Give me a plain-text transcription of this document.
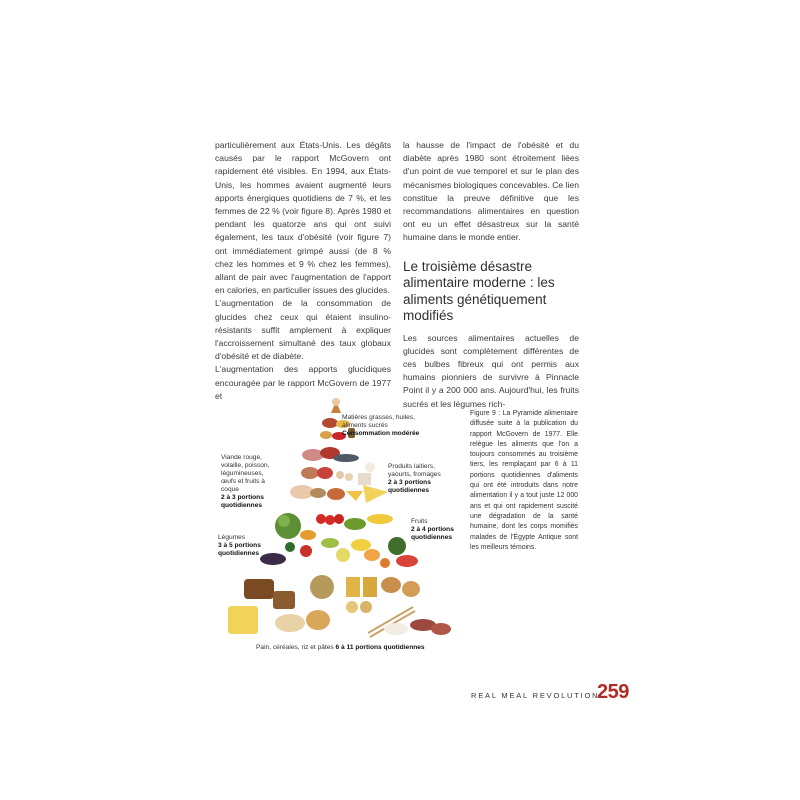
particulièrement aux États-Unis. Les dégâts causés par le rapport McGovern ont rapidement été visibles. En 1994, aux États-Unis, les hommes avaient augmenté leurs apports énergiques quotidiens de 7 %, et les femmes de 22 % (voir figure 8). Après 1980 et pendant les quatorze ans qui ont suivi également, les taux d'obésité (voir figure 7) ont immédiatement grimpé aussi (de 8 % chez les hommes et 9 % chez les femmes), allant de pair avec l'augmentation de l'apport en calories, en particulier issues des glucides.

L'augmentation de la consommation de glucides chez ceux qui étaient insulino-résistants suffit amplement à expliquer l'accroissement simultané des taux globaux d'obésité et de diabète.

L'augmentation des apports glucidiques encouragée par le rapport McGovern de 1977 et

la hausse de l'impact de l'obésité et du diabète après 1980 sont étroitement liées d'un point de vue temporel et sur le plan des mécanismes biologiques concevables. Ce lien constitue la preuve définitive que les recommandations alimentaires en question ont eu un effet désastreux sur la santé humaine dans le monde entier.

Le troisième désastre alimentaire moderne : les aliments génétiquement modifiés

Les sources alimentaires actuelles de glucides sont complètement différentes de ces bulbes fibreux qui ont permis aux humains pionniers de survivre à Pinnacle Point il y a 200 000 ans. Aujourd'hui, les fruits sucrés et les légumes rich-

Matières grasses, huiles, aliments sucrés
Consommation modérée
Viande rouge, volaille, poisson, légumineuses, œufs et fruits à coque
2 à 3 portions quotidiennes
Produits laitiers, yaourts, fromages
2 à 3 portions quotidiennes
Fruits
2 à 4 portions quotidiennes
Légumes
3 à 5 portions quotidiennes
Pain, céréales, riz et pâtes 6 à 11 portions quotidiennes
Figure 9 : La Pyramide alimentaire diffusée suite à la publication du rapport McGovern de 1977. Elle relègue les aliments que l'on a toujours consommés au troisième tiers, les remplaçant par 6 à 11 portions quotidiennes d'aliments qui ont été introduits dans notre alimentation il y a tout juste 12 000 ans et qui ont rapidement suscité une dégradation de la santé humaine, dont les corps momifiés malades de l'Égypte Antique sont les meilleurs témoins.
REAL MEAL REVOLUTION
259
